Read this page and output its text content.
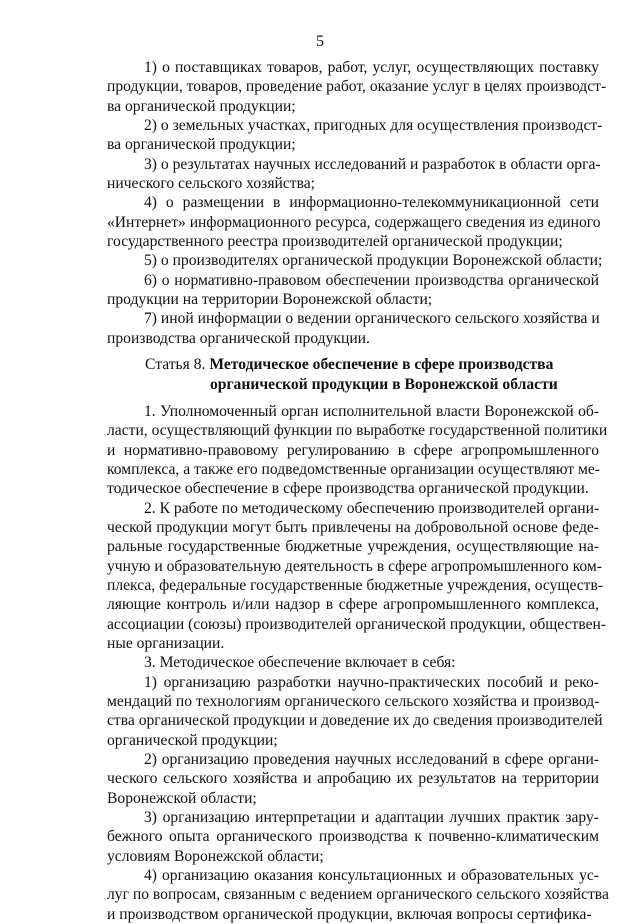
5
1) о поставщиках товаров, работ, услуг, осуществляющих поставку
продукции, товаров, проведение работ, оказание услуг в целях производст-
ва органической продукции;
2) о земельных участках, пригодных для осуществления производст-
ва органической продукции;
3) о результатах научных исследований и разработок в области орга-
нического сельского хозяйства;
4) о размещении в информационно-телекоммуникационной сети
«Интернет» информационного ресурса, содержащего сведения из единого
государственного реестра производителей органической продукции;
5) о производителях органической продукции Воронежской области;
6) о нормативно-правовом обеспечении производства органической
продукции на территории Воронежской области;
7) иной информации о ведении органического сельского хозяйства и
производства органической продукции.
Статья 8. Методическое обеспечение в сфере производства
органической продукции в Воронежской области
1. Уполномоченный орган исполнительной власти Воронежской об-
ласти, осуществляющий функции по выработке государственной политики
и нормативно-правовому регулированию в сфере агропромышленного
комплекса, а также его подведомственные организации осуществляют ме-
тодическое обеспечение в сфере производства органической продукции.
2. К работе по методическому обеспечению производителей органи-
ческой продукции могут быть привлечены на добровольной основе феде-
ральные государственные бюджетные учреждения, осуществляющие на-
учную и образовательную деятельность в сфере агропромышленного ком-
плекса, федеральные государственные бюджетные учреждения, осуществ-
ляющие контроль и/или надзор в сфере агропромышленного комплекса,
ассоциации (союзы) производителей органической продукции, обществен-
ные организации.
3. Методическое обеспечение включает в себя:
1) организацию разработки научно-практических пособий и реко-
мендаций по технологиям органического сельского хозяйства и производ-
ства органической продукции и доведение их до сведения производителей
органической продукции;
2) организацию проведения научных исследований в сфере органи-
ческого сельского хозяйства и апробацию их результатов на территории
Воронежской области;
3) организацию интерпретации и адаптации лучших практик зару-
бежного опыта органического производства к почвенно-климатическим
условиям Воронежской области;
4) организацию оказания консультационных и образовательных ус-
луг по вопросам, связанным с ведением органического сельского хозяйства
и производством органической продукции, включая вопросы сертифика-
